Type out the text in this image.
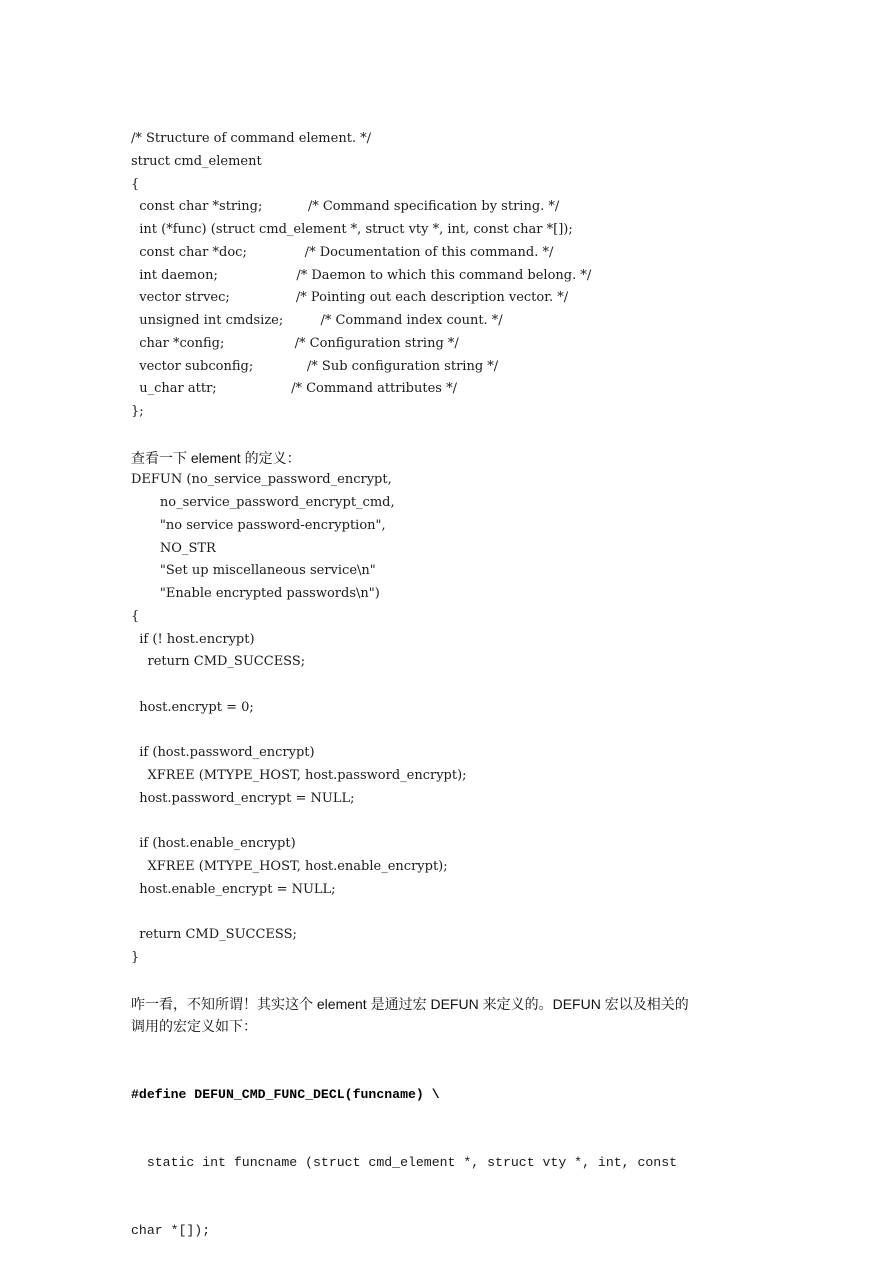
/* Structure of command element. */
struct cmd_element
{
const char *string;           /* Command specification by string. */
int (*func) (struct cmd_element *, struct vty *, int, const char *[]);
const char *doc;              /* Documentation of this command. */
int daemon;                   /* Daemon to which this command belong. */
vector strvec;                /* Pointing out each description vector. */
unsigned int cmdsize;         /* Command index count. */
char *config;                 /* Configuration string */
vector subconfig;             /* Sub configuration string */
u_char attr;                  /* Command attributes */
};
查看一下 element 的定义：
DEFUN (no_service_password_encrypt,
no_service_password_encrypt_cmd,
"no service password-encryption",
NO_STR
"Set up miscellaneous service\n"
"Enable encrypted passwords\n")
{
if (! host.encrypt)
return CMD_SUCCESS;
host.encrypt = 0;
if (host.password_encrypt)
XFREE (MTYPE_HOST, host.password_encrypt);
host.password_encrypt = NULL;
if (host.enable_encrypt)
XFREE (MTYPE_HOST, host.enable_encrypt);
host.enable_encrypt = NULL;
return CMD_SUCCESS;
}
咋一看，不知所谓！其实这个 element 是通过宏 DEFUN 来定义的。DEFUN 宏以及相关的
调用的宏定义如下：

#define DEFUN_CMD_FUNC_DECL(funcname) \

static int funcname (struct cmd_element *, struct vty *, int, const

char *[]);
